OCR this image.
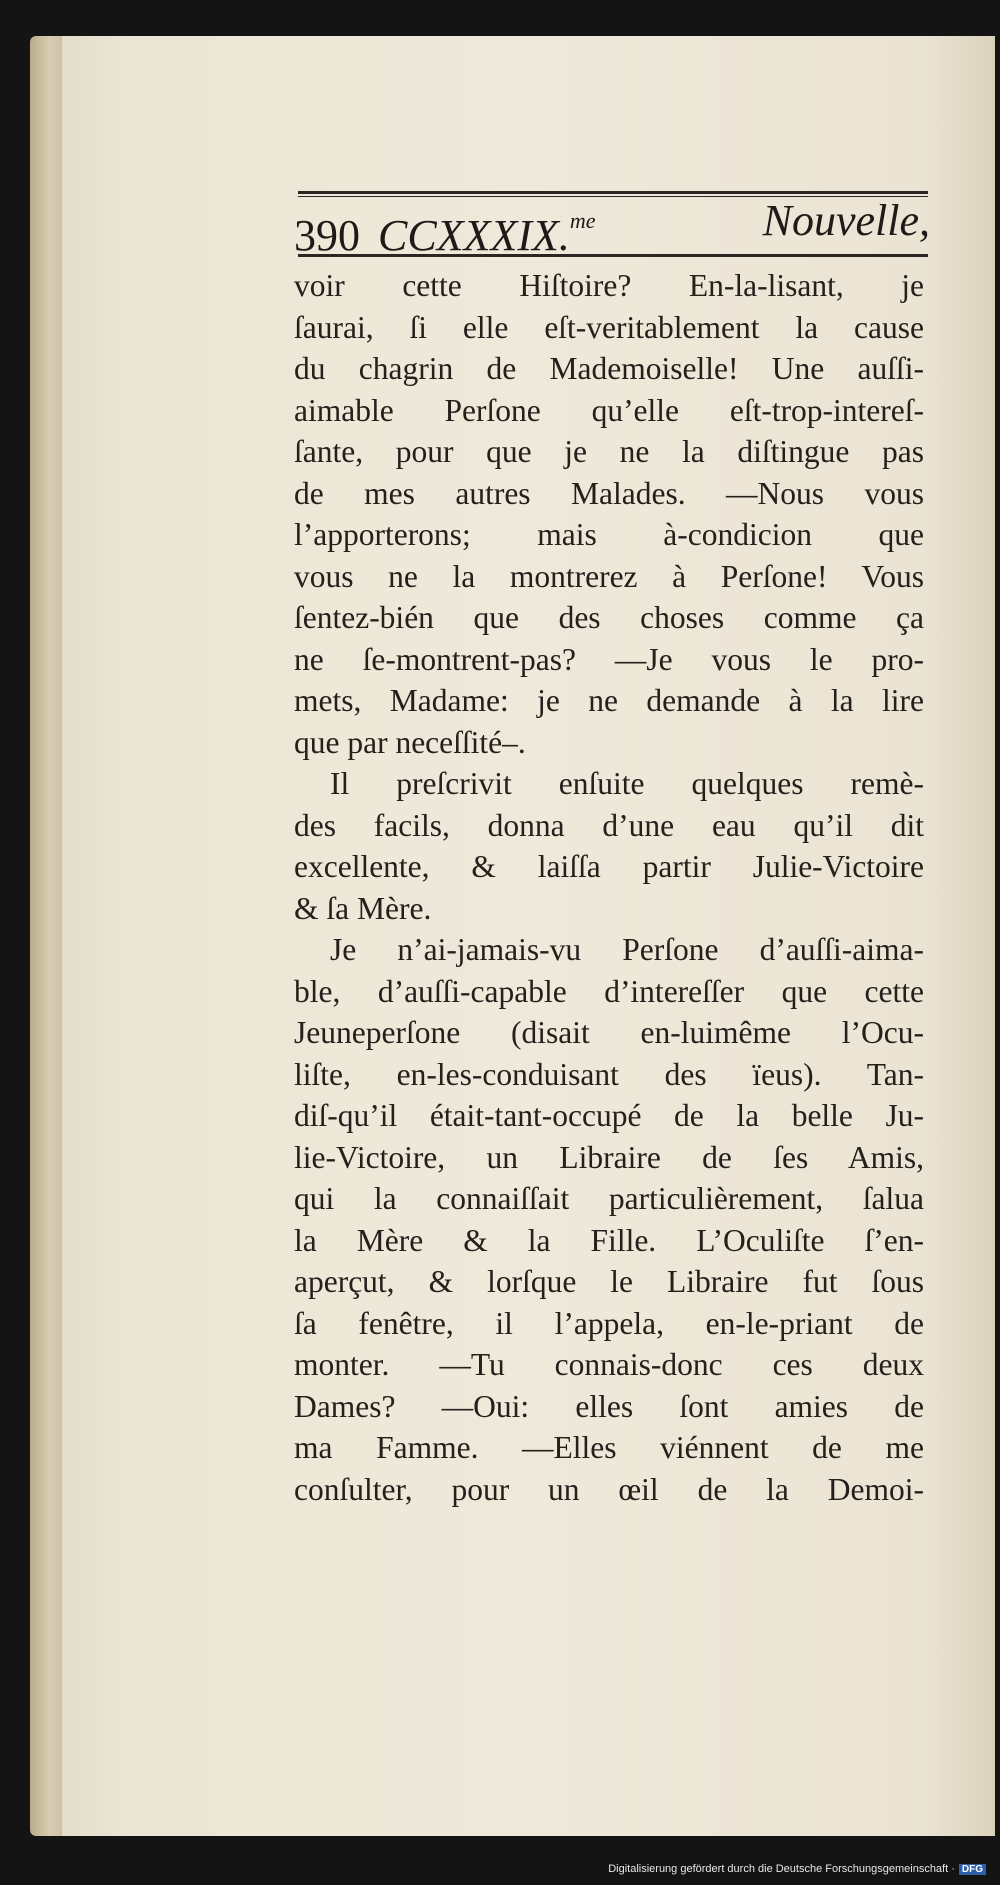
390 CCXXXIX.$^{me}$	Nouvelle,
voir cette Hiſtoire? En-la-lisant, je
ſaurai, ſi elle eſt-veritablement la cause
du chagrin de Mademoiselle! Une auſſi-
aimable Perſone qu’elle eſt-trop-intereſ-
ſante, pour que je ne la diſtingue pas
de mes autres Malades. —Nous vous
l’apporterons; mais à-condicion que
vous ne la montrerez à Perſone! Vous
ſentez-bién que des choses comme ça
ne ſe-montrent-pas? —Je vous le pro-
mets, Madame: je ne demande à la lire
que par neceſſité–.
Il preſcrivit enſuite quelques remè-
des facils, donna d’une eau qu’il dit
excellente, & laiſſa partir Julie-Victoire
& ſa Mère.
Je n’ai-jamais-vu Perſone d’auſſi-aima-
ble, d’auſſi-capable d’intereſſer que cette
Jeuneperſone (disait en-luimême l’Ocu-
liſte, en-les-conduisant des ïeus). Tan-
diſ-qu’il était-tant-occupé de la belle Ju-
lie-Victoire, un Libraire de ſes Amis,
qui la connaiſſait particulièrement, ſalua
la Mère & la Fille. L’Oculiſte ſ’en-
aperçut, & lorſque le Libraire fut ſous
ſa fenêtre, il l’appela, en-le-priant de
monter. —Tu connais-donc ces deux
Dames? —Oui: elles ſont amies de
ma Famme. —Elles viénnent de me
conſulter, pour un œil de la Demoi-
Digitalisierung gefördert durch die Deutsche Forschungsgemeinschaft · DFG
